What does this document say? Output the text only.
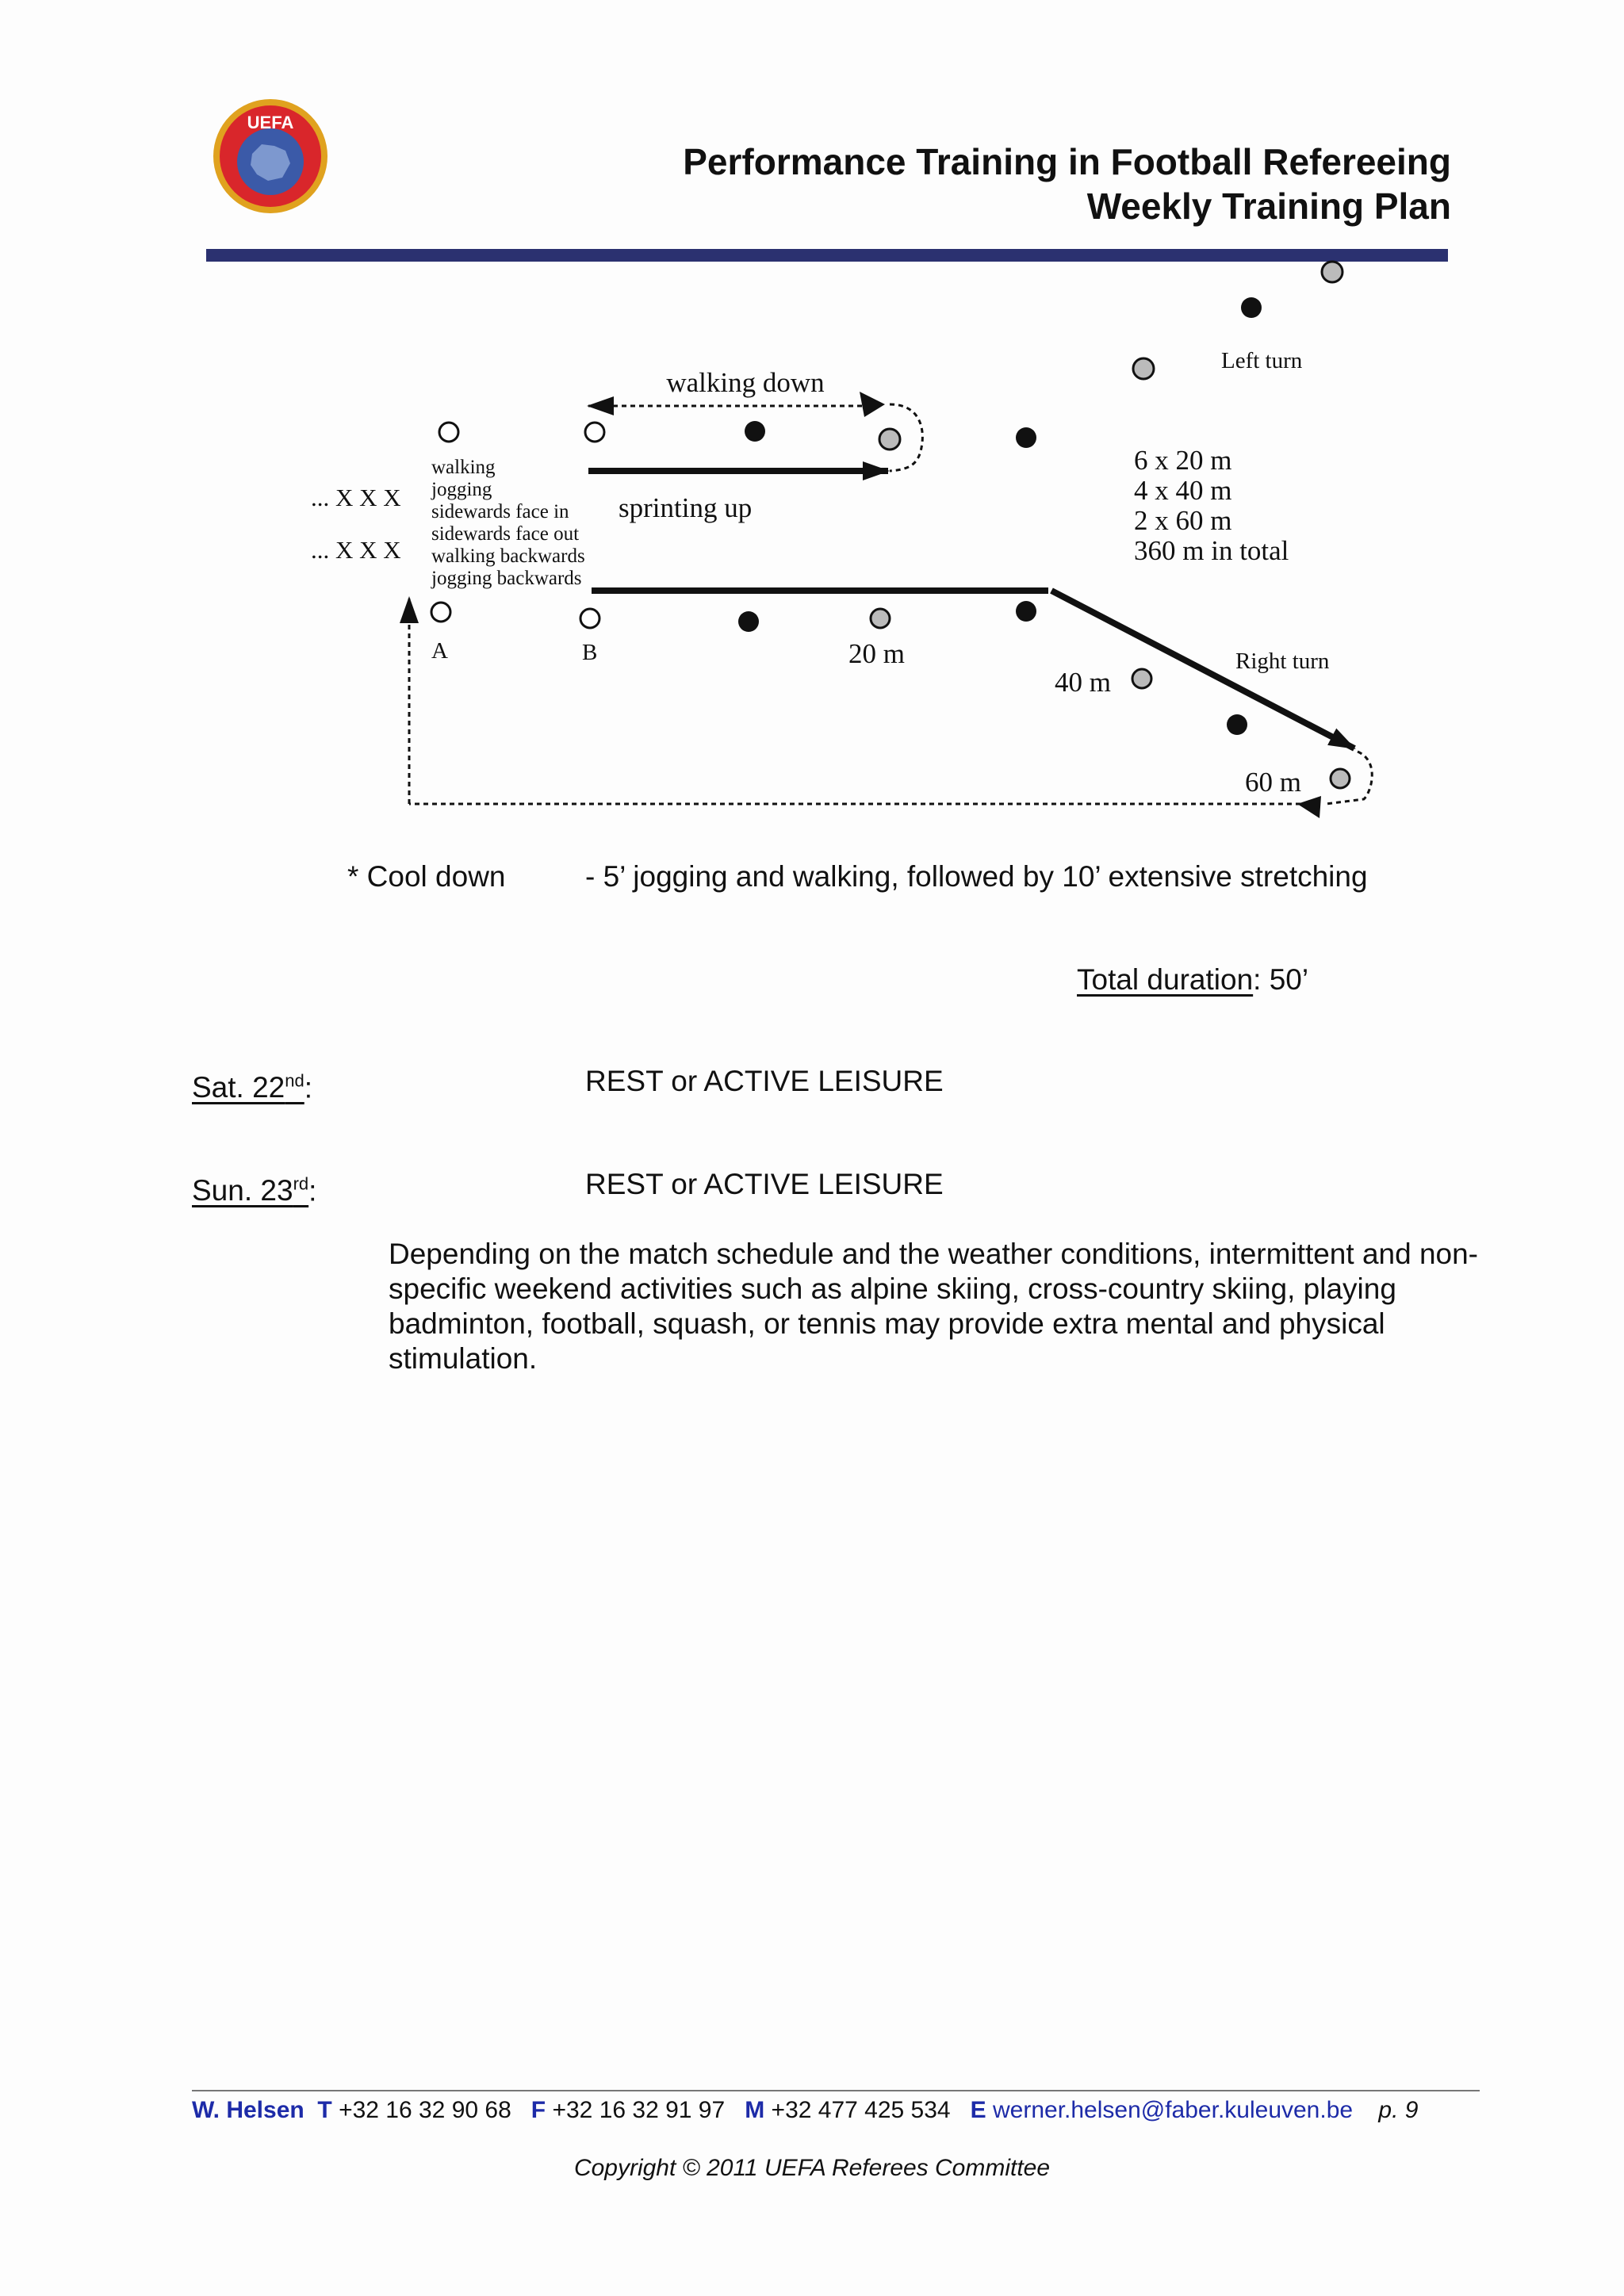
UEFA
Performance Training in Football Refereeing
Weekly Training Plan
walking down
sprinting up
Left turn
6 x 20 m
4 x 40 m
2 x 60 m
360 m in total
walking
jogging
sidewards face in
sidewards face out
walking backwards
jogging backwards
... X X X
... X X X
A	B	20 m
40 m
60 m
Right turn
* Cool down	- 5’ jogging and walking, followed by 10’ extensive stretching
Total duration: 50’
Sat. 22nd:	REST or ACTIVE LEISURE
Sun. 23rd:	REST or ACTIVE LEISURE
Depending on the match schedule and the weather conditions, intermittent and non-specific weekend activities such as alpine skiing, cross-country skiing, playing badminton, football, squash, or tennis may provide extra mental and physical stimulation.
W. Helsen T +32 16 32 90 68 F +32 16 32 91 97 M +32 477 425 534 E werner.helsen@faber.kuleuven.be p. 9
Copyright © 2011 UEFA Referees Committee
